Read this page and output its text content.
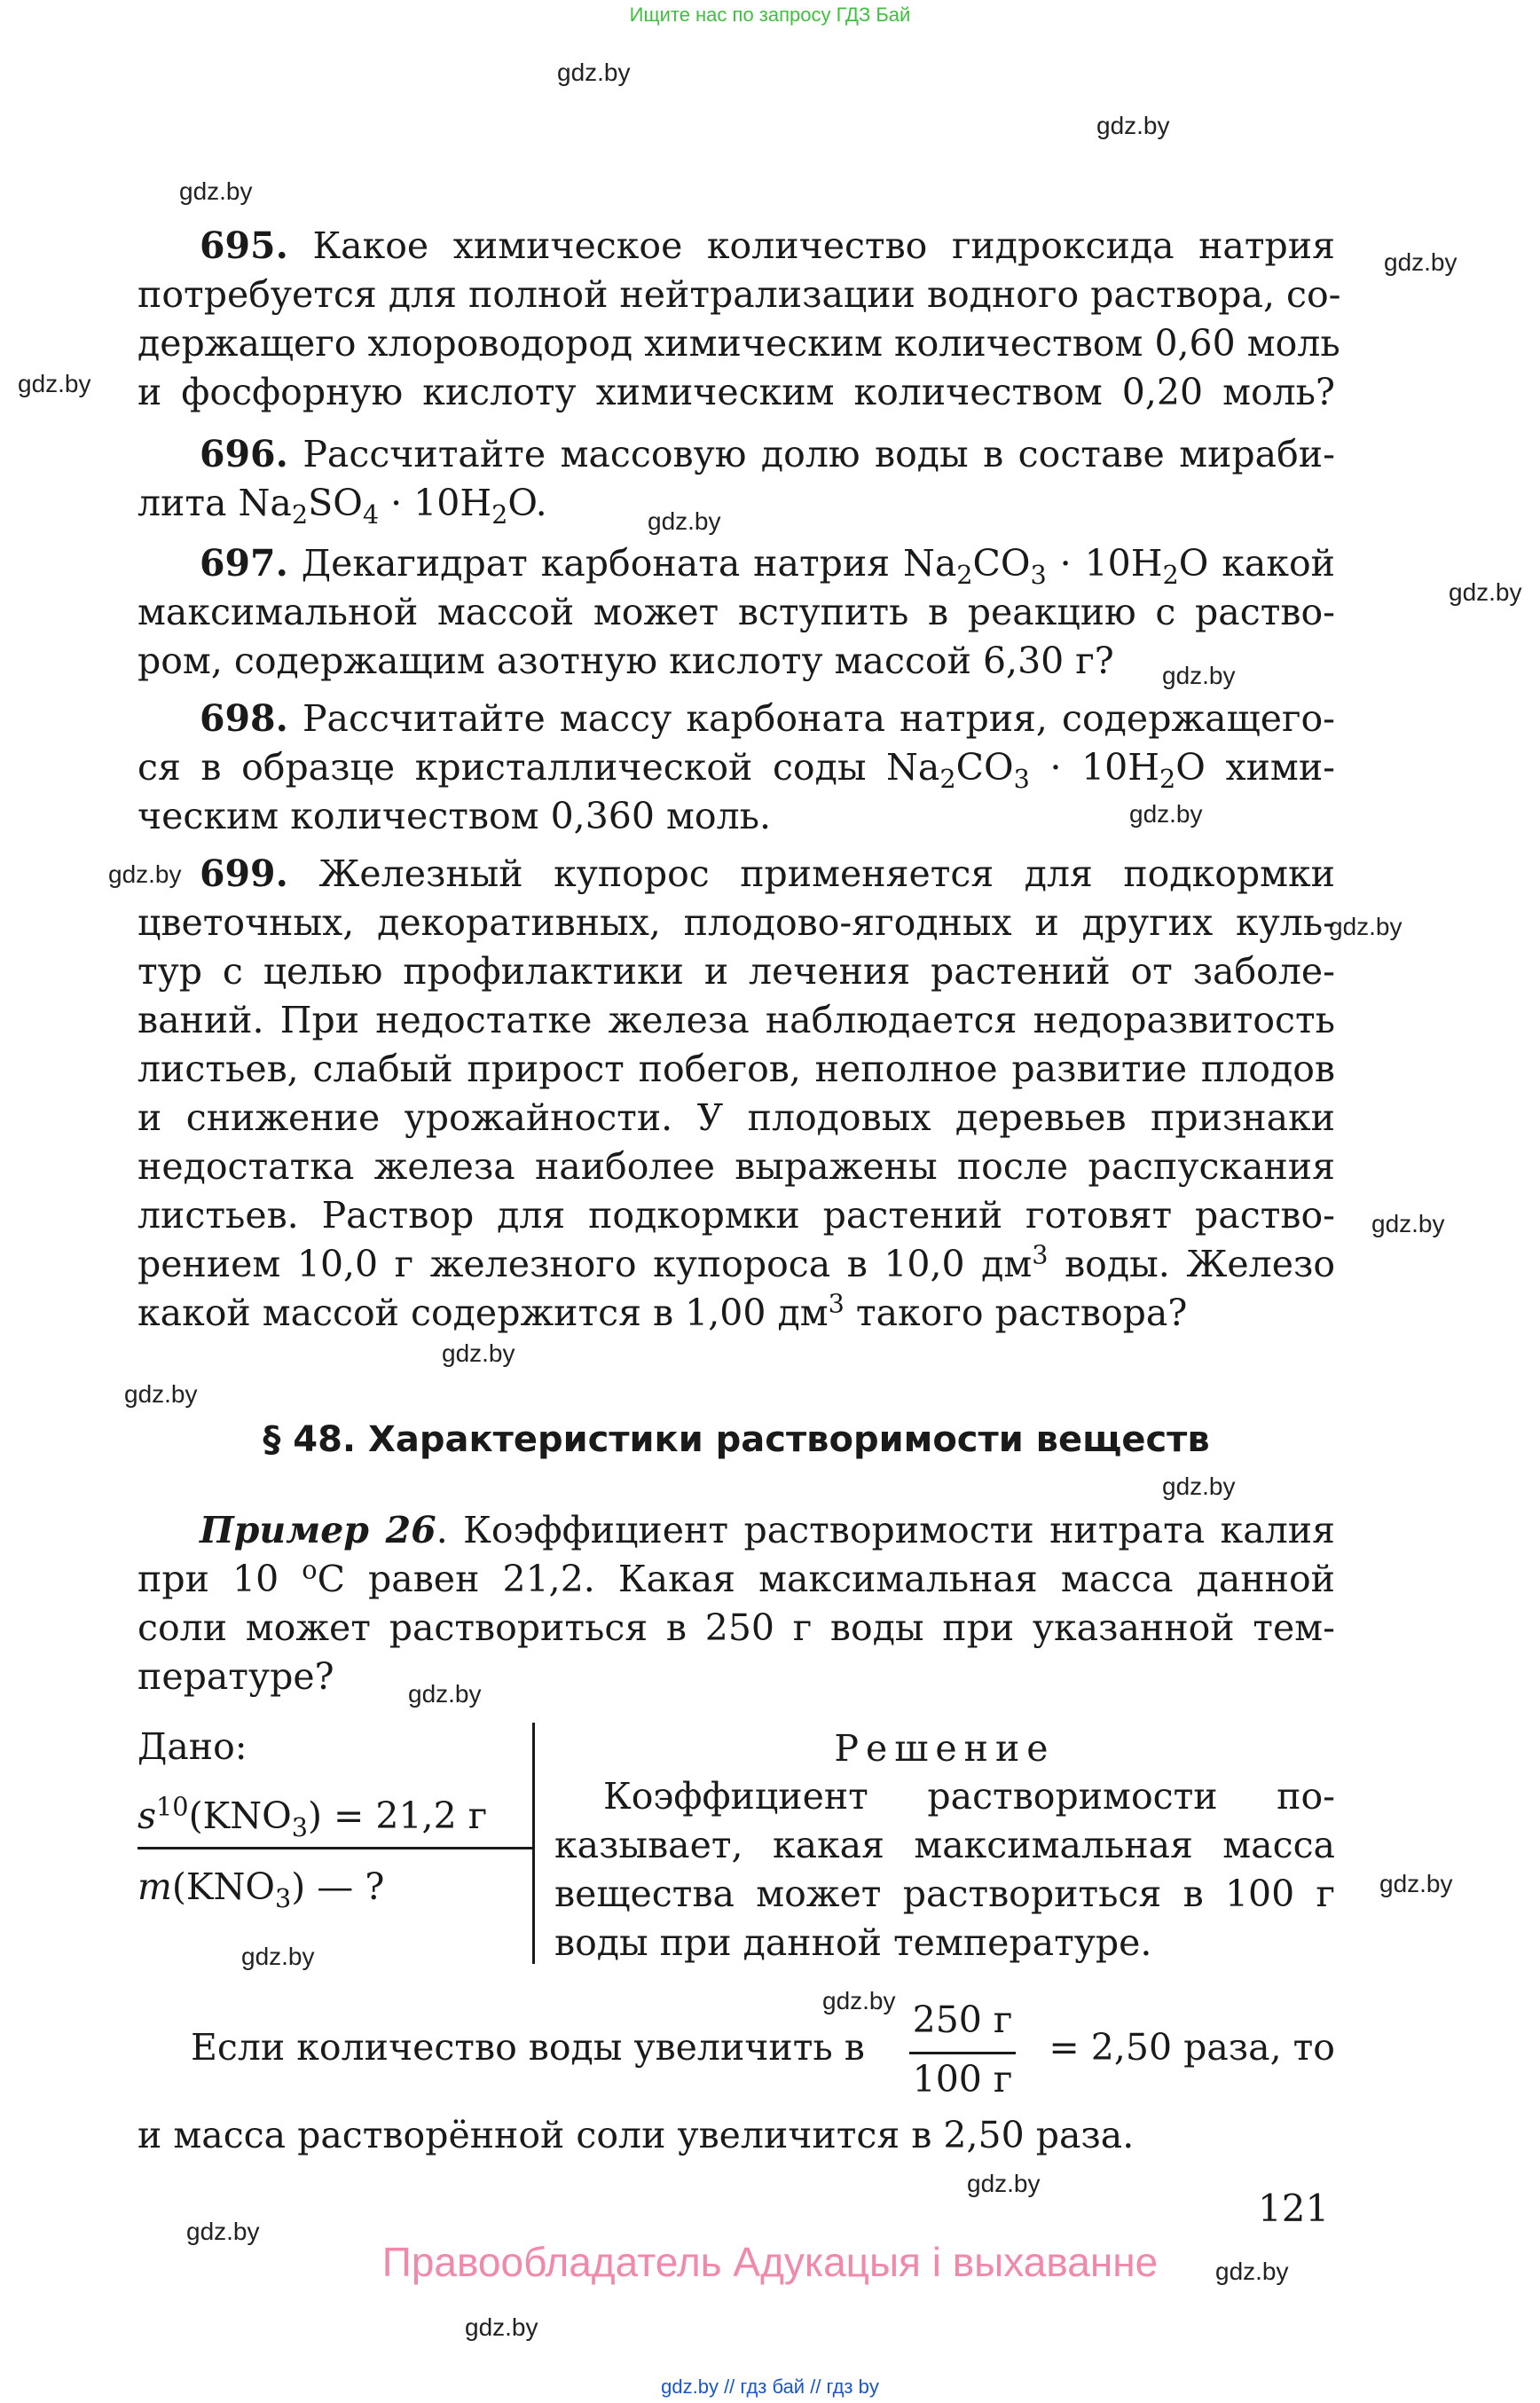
Ищите нас по запросу ГДЗ Бай
gdz.by
gdz.by
gdz.by
gdz.by
gdz.by
gdz.by
gdz.by
gdz.by
gdz.by
gdz.by
gdz.by
gdz.by
gdz.by
gdz.by
gdz.by
gdz.by
gdz.by
gdz.by
gdz.by
gdz.by
gdz.by
gdz.by
gdz.by
695. Какое химическое количество гидроксида натрия
потребуется для полной нейтрализации водного раствора, со-
держащего хлороводород химическим количеством 0,60 моль
и фосфорную кислоту химическим количеством 0,20 моль?
696. Рассчитайте массовую долю воды в составе мираби-
лита $Na_2SO_4 \cdot 10H_2O$.
697. Декагидрат карбоната натрия $Na_2CO_3 \cdot 10H_2O$ какой
максимальной массой может вступить в реакцию с раство-
ром, содержащим азотную кислоту массой 6,30 г?
698. Рассчитайте массу карбоната натрия, содержащего-
ся в образце кристаллической соды $Na_2CO_3 \cdot 10H_2O$ хими-
ческим количеством 0,360 моль.
699. Железный купорос применяется для подкормки
цветочных, декоративных, плодово-ягодных и других куль-
тур с целью профилактики и лечения растений от заболе-
ваний. При недостатке железа наблюдается недоразвитость
листьев, слабый прирост побегов, неполное развитие плодов
и снижение урожайности. У плодовых деревьев признаки
недостатка железа наиболее выражены после распускания
листьев. Раствор для подкормки растений готовят раство-
рением 10,0 г железного купороса в 10,0 $дм^3$ воды. Железо
какой массой содержится в 1,00 $дм^3$ такого раствора?
§ 48. Характеристики растворимости веществ
Пример 26. Коэффициент растворимости нитрата калия
при 10 $^о$С равен 21,2. Какая максимальная масса данной
соли может раствориться в 250 г воды при указанной тем-
пературе?
Дано:
$s^{10}(KNO_3) = 21,2$ г
$m(KNO_3)$ — ?
Решение
Коэффициент растворимости по-
казывает, какая максимальная масса
вещества может раствориться в 100 г
воды при данной температуре.
Если количество воды увеличить в
250 г
100 г
= 2,50 раза, то
и масса растворённой соли увеличится в 2,50 раза.
121
Правообладатель Адукацыя і выхаванне
gdz.by // гдз бай // гдз by
